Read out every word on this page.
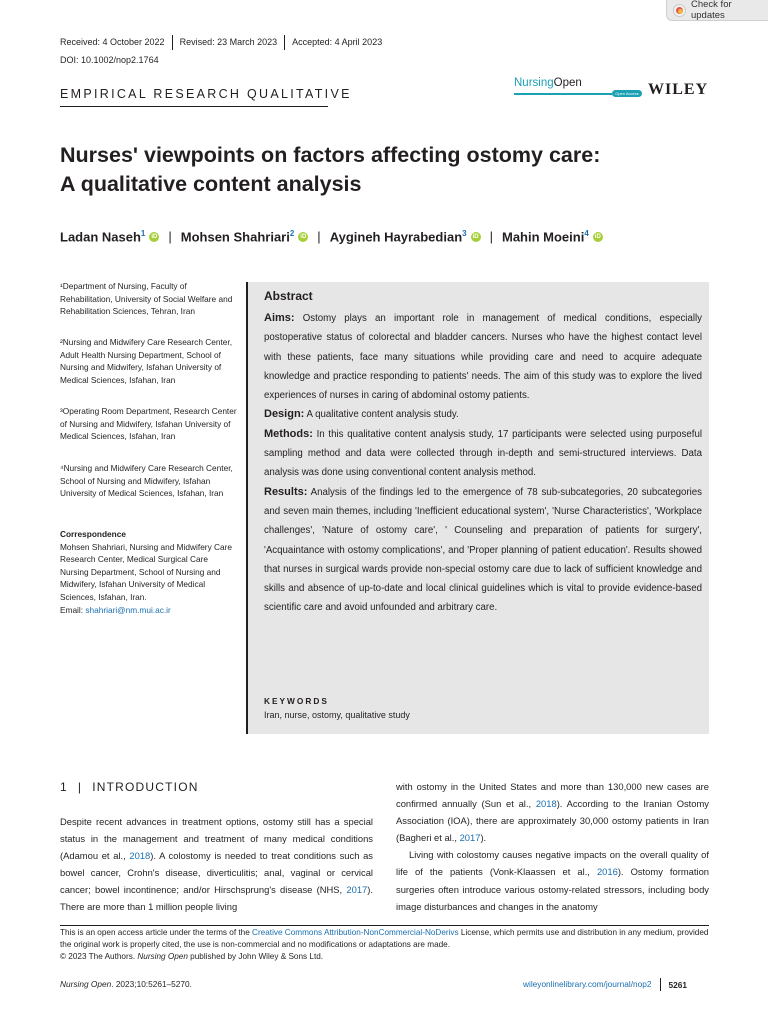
Check for updates
Received: 4 October 2022	Revised: 23 March 2023	Accepted: 4 April 2023
DOI: 10.1002/nop2.1764
EMPIRICAL RESEARCH QUALITATIVE
NursingOpen
Open Access WILEY
Nurses' viewpoints on factors affecting ostomy care:
A qualitative content analysis
Ladan Naseh$^1$	iD | Mohsen Shahriari$^2$	iD | Aygineh Hayrabedian$^3$	iD | Mahin Moeini$^4$	iD
¹Department of Nursing, Faculty of Rehabilitation, University of Social Welfare and Rehabilitation Sciences, Tehran, Iran
²Nursing and Midwifery Care Research Center, Adult Health Nursing Department, School of Nursing and Midwifery, Isfahan University of Medical Sciences, Isfahan, Iran
³Operating Room Department, Research Center of Nursing and Midwifery, Isfahan University of Medical Sciences, Isfahan, Iran
⁴Nursing and Midwifery Care Research Center, School of Nursing and Midwifery, Isfahan University of Medical Sciences, Isfahan, Iran
Correspondence
Mohsen Shahriari, Nursing and Midwifery Care Research Center, Medical Surgical Care Nursing Department, School of Nursing and Midwifery, Isfahan University of Medical Sciences, Isfahan, Iran.
Email: shahriari@nm.mui.ac.ir
Abstract

Aims: Ostomy plays an important role in management of medical conditions, especially postoperative status of colorectal and bladder cancers. Nurses who have the highest contact level with these patients, face many situations while providing care and need to acquire adequate knowledge and practice responding to patients' needs. The aim of this study was to explore the lived experiences of nurses in caring of abdominal ostomy patients.

Design: A qualitative content analysis study.

Methods: In this qualitative content analysis study, 17 participants were selected using purposeful sampling method and data were collected through in-depth and semi-structured interviews. Data analysis was done using conventional content analysis method.

Results: Analysis of the findings led to the emergence of 78 sub-subcategories, 20 subcategories and seven main themes, including 'Inefficient educational system', 'Nurse Characteristics', 'Workplace challenges', 'Nature of ostomy care', ' Counseling and preparation of patients for surgery', 'Acquaintance with ostomy complications', and 'Proper planning of patient education'. Results showed that nurses in surgical wards provide non-special ostomy care due to lack of sufficient knowledge and skills and absence of up-to-date and local clinical guidelines which is vital to provide evidence-based scientific care and avoid unfounded and arbitrary care.

KEYWORDS
Iran, nurse, ostomy, qualitative study
1 | INTRODUCTION

Despite recent advances in treatment options, ostomy still has a special status in the management and treatment of many medical conditions (Adamou et al., 2018). A colostomy is needed to treat conditions such as bowel cancer, Crohn's disease, diverticulitis; anal, vaginal or cervical cancer; bowel incontinence; and/or Hirschsprung's disease (NHS, 2017). There are more than 1 million people living

with ostomy in the United States and more than 130,000 new cases are confirmed annually (Sun et al., 2018). According to the Iranian Ostomy Association (IOA), there are approximately 30,000 ostomy patients in Iran (Bagheri et al., 2017).

Living with colostomy causes negative impacts on the overall quality of life of the patients (Vonk-Klaassen et al., 2016). Ostomy formation surgeries often introduce various ostomy-related stressors, including body image disturbances and changes in the anatomy

This is an open access article under the terms of the Creative Commons Attribution-NonCommercial-NoDerivs License, which permits use and distribution in any medium, provided the original work is properly cited, the use is non-commercial and no modifications or adaptations are made.
© 2023 The Authors. Nursing Open published by John Wiley & Sons Ltd.
Nursing Open. 2023;10:5261–5270.	wileyonlinelibrary.com/journal/nop2	5261
